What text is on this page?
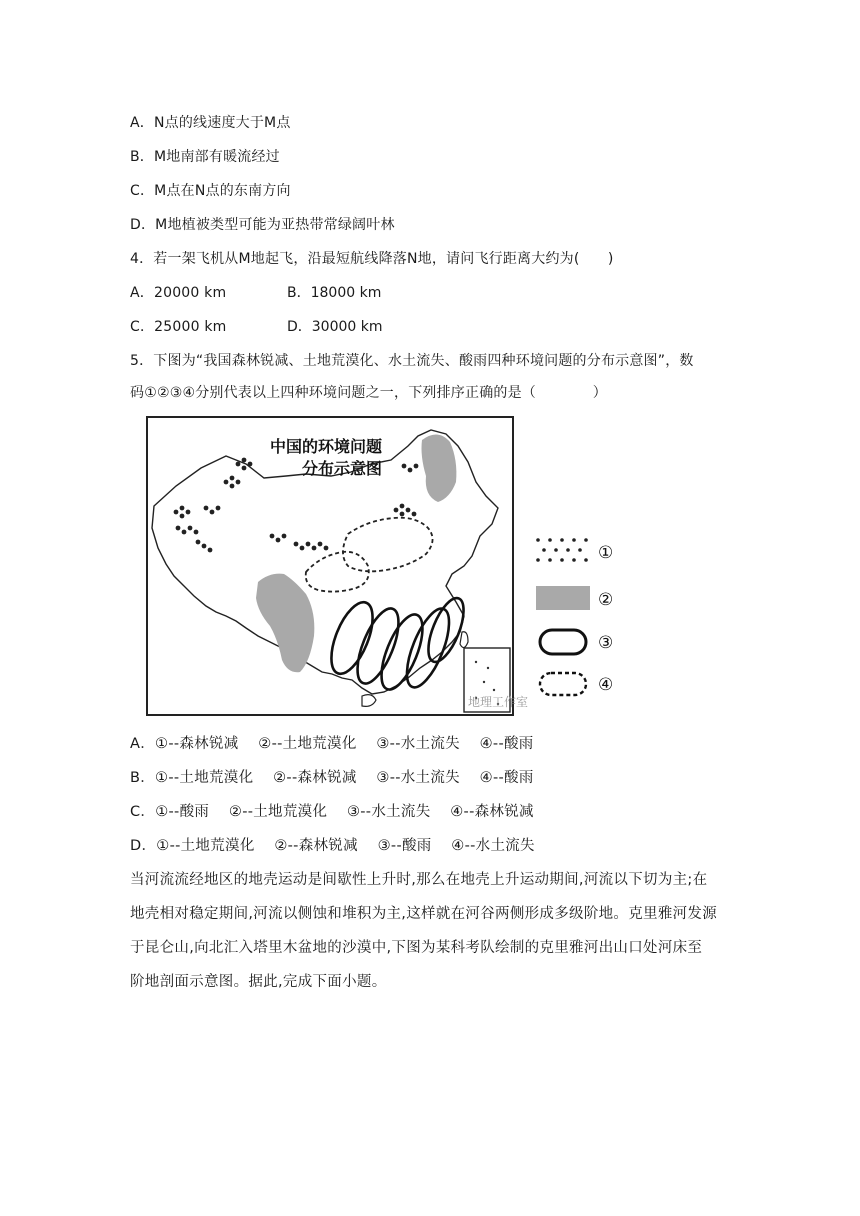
A．N点的线速度大于M点
B．M地南部有暖流经过
C．M点在N点的东南方向
D．M地植被类型可能为亚热带常绿阔叶林
4．若一架飞机从M地起飞，沿最短航线降落N地，请问飞行距离大约为(　　)
A．20000 km	B．18000 km
C．25000 km	D．30000 km
5．下图为“我国森林锐减、土地荒漠化、水土流失、酸雨四种环境问题的分布示意图”，数
码①②③④分别代表以上四种环境问题之一，下列排序正确的是（　　　　）
中国的环境问题
分布示意图
地理工作室
①
②
③
④
A．①--森林锐减　 ②--土地荒漠化　 ③--水土流失　 ④--酸雨
B．①--土地荒漠化　 ②--森林锐减　 ③--水土流失　 ④--酸雨
C．①--酸雨　 ②--土地荒漠化　 ③--水土流失　 ④--森林锐减
D．①--土地荒漠化　 ②--森林锐减　 ③--酸雨　 ④--水土流失
当河流流经地区的地壳运动是间歇性上升时,那么在地壳上升运动期间,河流以下切为主;在
地壳相对稳定期间,河流以侧蚀和堆积为主,这样就在河谷两侧形成多级阶地。克里雅河发源
于昆仑山,向北汇入塔里木盆地的沙漠中,下图为某科考队绘制的克里雅河出山口处河床至
阶地剖面示意图。据此,完成下面小题。
